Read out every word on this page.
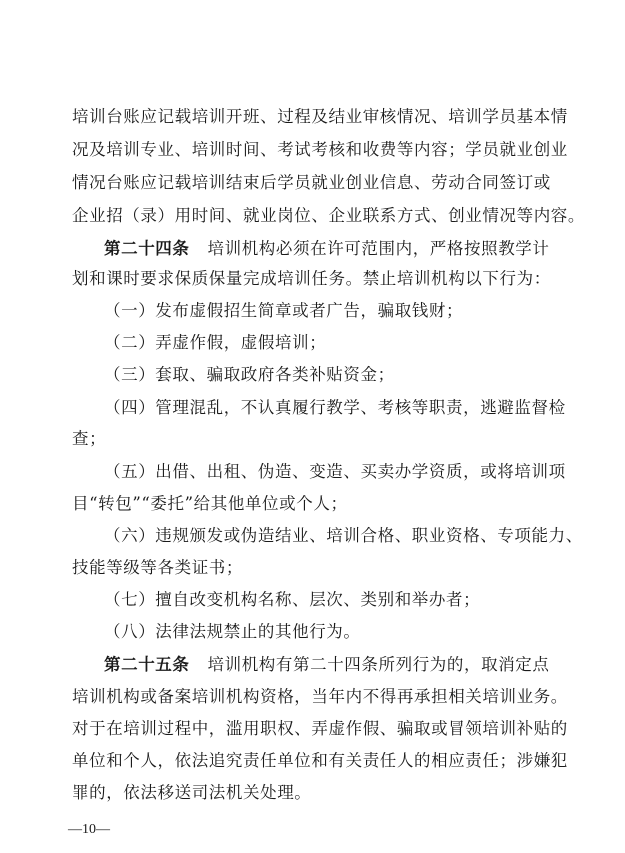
培训台账应记载培训开班、过程及结业审核情况、培训学员基本情
况及培训专业、培训时间、考试考核和收费等内容；学员就业创业
情况台账应记载培训结束后学员就业创业信息、劳动合同签订或
企业招（录）用时间、就业岗位、企业联系方式、创业情况等内容。
第二十四条 培训机构必须在许可范围内，严格按照教学计
划和课时要求保质保量完成培训任务。禁止培训机构以下行为：
（一）发布虚假招生简章或者广告，骗取钱财；
（二）弄虚作假，虚假培训；
（三）套取、骗取政府各类补贴资金；
（四）管理混乱，不认真履行教学、考核等职责，逃避监督检
查；
（五）出借、出租、伪造、变造、买卖办学资质，或将培训项
目“转包”“委托”给其他单位或个人；
（六）违规颁发或伪造结业、培训合格、职业资格、专项能力、
技能等级等各类证书；
（七）擅自改变机构名称、层次、类别和举办者；
（八）法律法规禁止的其他行为。
第二十五条 培训机构有第二十四条所列行为的，取消定点
培训机构或备案培训机构资格，当年内不得再承担相关培训业务。
对于在培训过程中，滥用职权、弄虚作假、骗取或冒领培训补贴的
单位和个人，依法追究责任单位和有关责任人的相应责任；涉嫌犯
罪的，依法移送司法机关处理。
—10—
